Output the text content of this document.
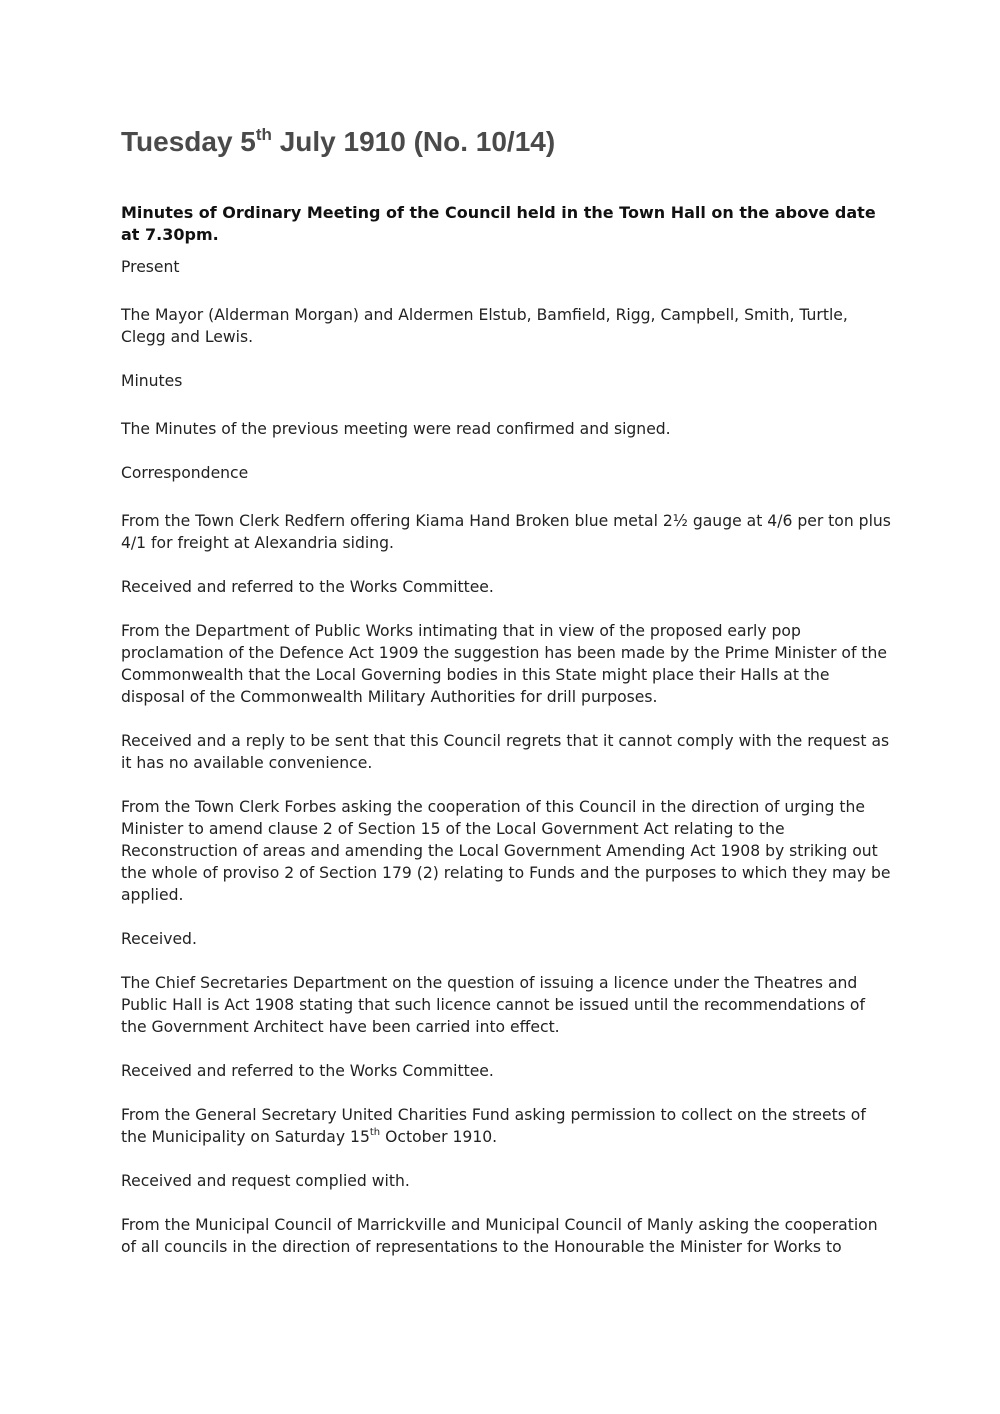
Tuesday 5th July 1910 (No. 10/14)
Minutes of Ordinary Meeting of the Council held in the Town Hall on the above date at 7.30pm.

Present

The Mayor (Alderman Morgan) and Aldermen Elstub, Bamfield, Rigg, Campbell, Smith, Turtle, Clegg and Lewis.

Minutes

The Minutes of the previous meeting were read confirmed and signed.

Correspondence

From the Town Clerk Redfern offering Kiama Hand Broken blue metal 2½ gauge at 4/6 per ton plus 4/1 for freight at Alexandria siding.

Received and referred to the Works Committee.

From the Department of Public Works intimating that in view of the proposed early pop proclamation of the Defence Act 1909 the suggestion has been made by the Prime Minister of the Commonwealth that the Local Governing bodies in this State might place their Halls at the disposal of the Commonwealth Military Authorities for drill purposes.

Received and a reply to be sent that this Council regrets that it cannot comply with the request as it has no available convenience.

From the Town Clerk Forbes asking the cooperation of this Council in the direction of urging the Minister to amend clause 2 of Section 15 of the Local Government Act relating to the Reconstruction of areas and amending the Local Government Amending Act 1908 by striking out the whole of proviso 2 of Section 179 (2) relating to Funds and the purposes to which they may be applied.

Received.

The Chief Secretaries Department on the question of issuing a licence under the Theatres and Public Hall is Act 1908 stating that such licence cannot be issued until the recommendations of the Government Architect have been carried into effect.

Received and referred to the Works Committee.

From the General Secretary United Charities Fund asking permission to collect on the streets of the Municipality on Saturday 15th October 1910.

Received and request complied with.

From the Municipal Council of Marrickville and Municipal Council of Manly asking the cooperation of all councils in the direction of representations to the Honourable the Minister for Works to
